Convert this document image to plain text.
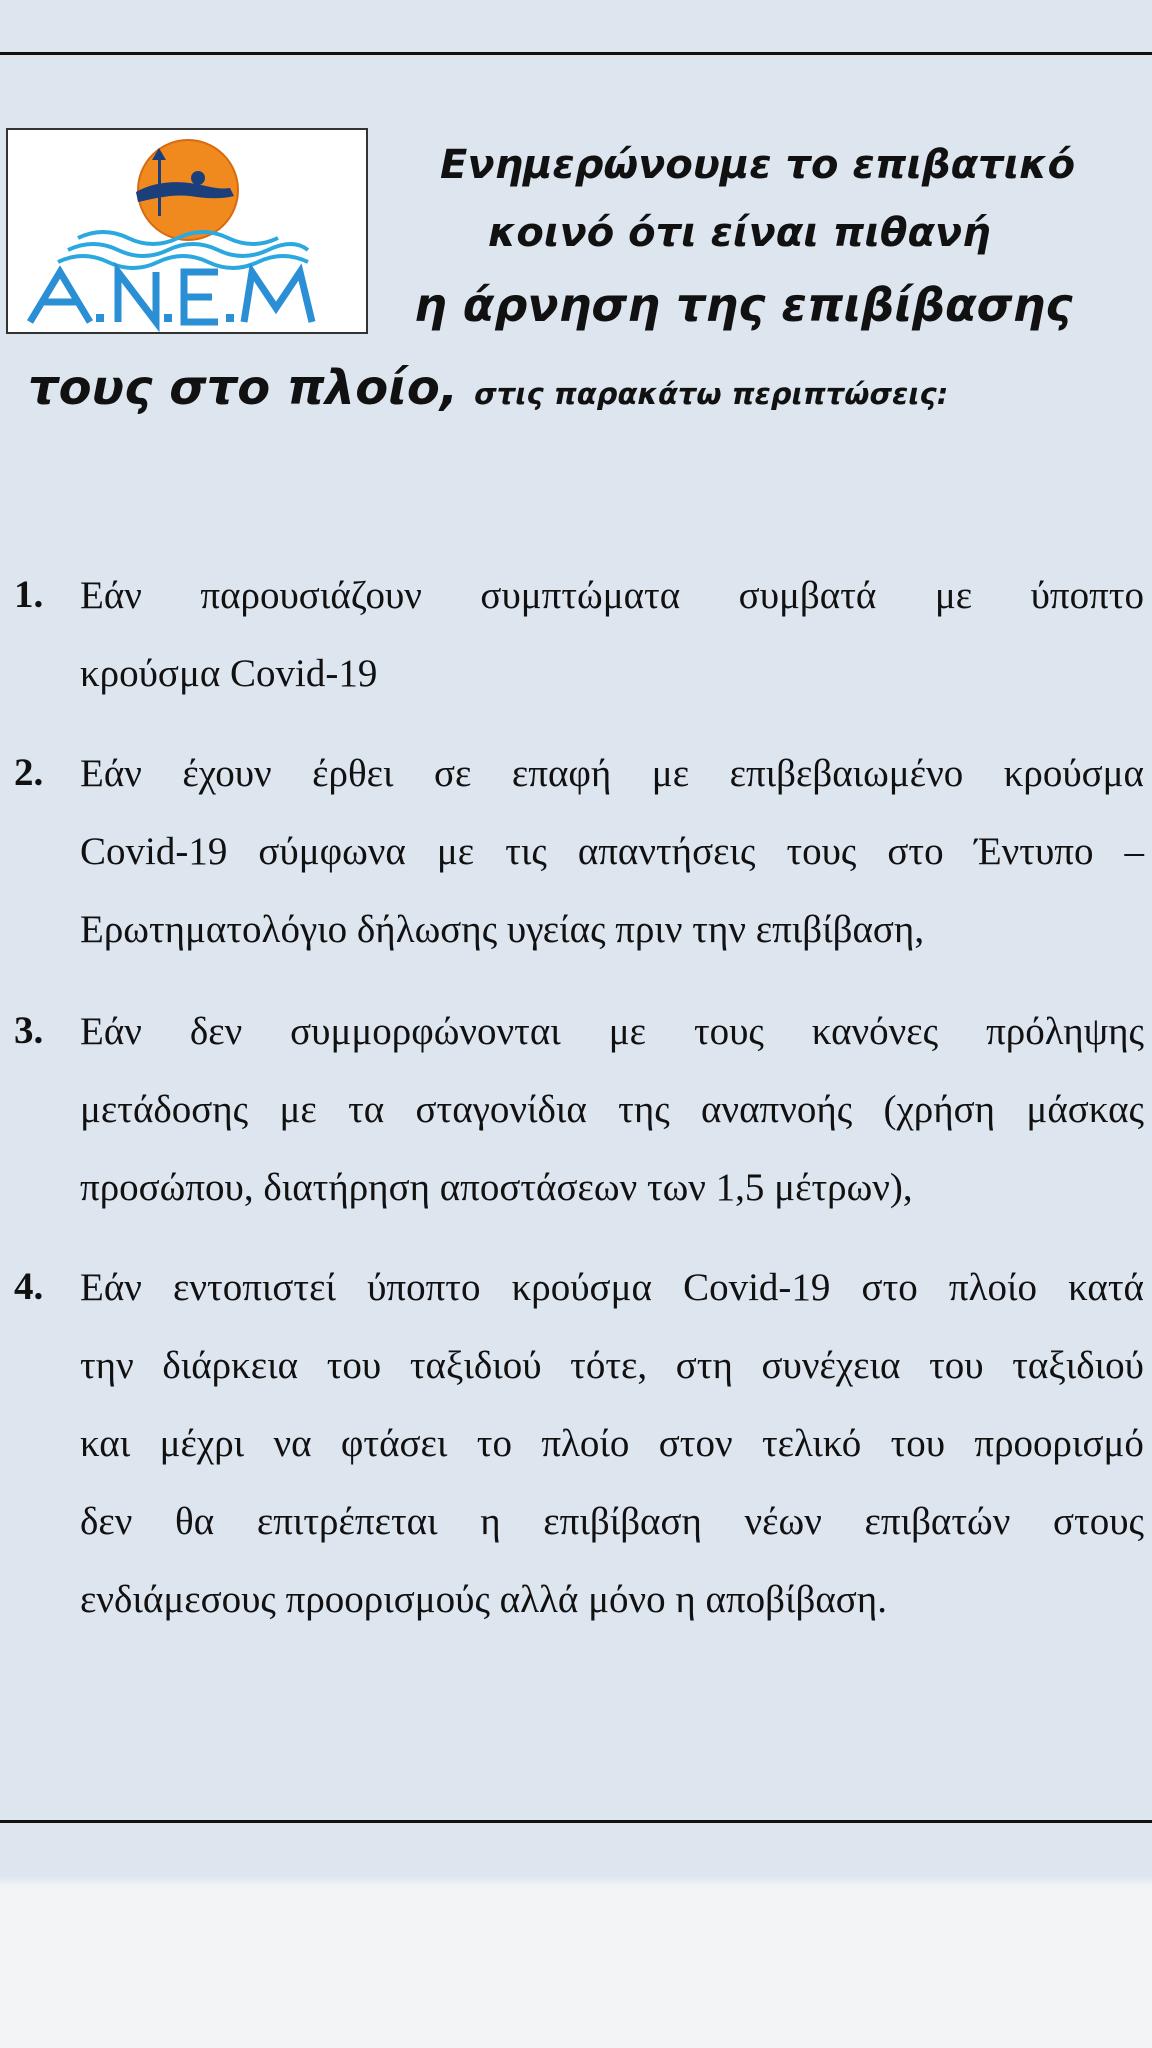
Ενημερώνουμε το επιβατικό

κοινό ότι είναι πιθανή

η άρνηση της επιβίβασης

τους στο πλοίο, στις παρακάτω περιπτώσεις:

1. Εάν παρουσιάζουν συμπτώματα συμβατά με ύποπτο
κρούσμα Covid-19
2. Εάν έχουν έρθει σε επαφή με επιβεβαιωμένο κρούσμα
Covid-19 σύμφωνα με τις απαντήσεις τους στο Έντυπο –
Ερωτηματολόγιο δήλωσης υγείας πριν την επιβίβαση,
3. Εάν δεν συμμορφώνονται με τους κανόνες πρόληψης
μετάδοσης με τα σταγονίδια της αναπνοής (χρήση μάσκας
προσώπου, διατήρηση αποστάσεων των 1,5 μέτρων),
4. Εάν εντοπιστεί ύποπτο κρούσμα Covid-19 στο πλοίο κατά
την διάρκεια του ταξιδιού τότε, στη συνέχεια του ταξιδιού
και μέχρι να φτάσει το πλοίο στον τελικό του προορισμό
δεν θα επιτρέπεται η επιβίβαση νέων επιβατών στους
ενδιάμεσους προορισμούς αλλά μόνο η αποβίβαση.
